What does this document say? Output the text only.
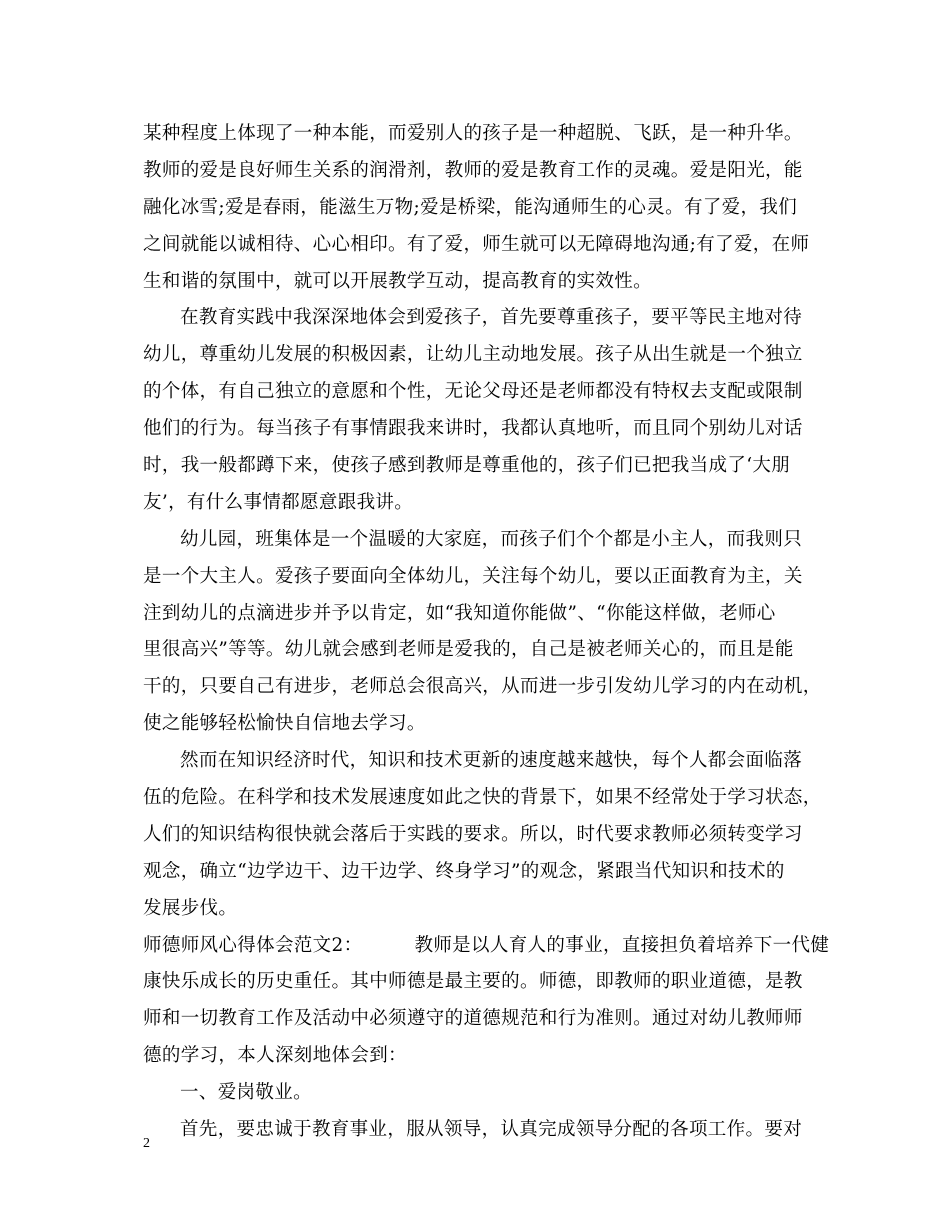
某种程度上体现了一种本能，而爱别人的孩子是一种超脱、飞跃，是一种升华。
教师的爱是良好师生关系的润滑剂，教师的爱是教育工作的灵魂。爱是阳光，能
融化冰雪;爱是春雨，能滋生万物;爱是桥梁，能沟通师生的心灵。有了爱，我们
之间就能以诚相待、心心相印。有了爱，师生就可以无障碍地沟通;有了爱，在师
生和谐的氛围中，就可以开展教学互动，提高教育的实效性。
在教育实践中我深深地体会到爱孩子，首先要尊重孩子，要平等民主地对待
幼儿，尊重幼儿发展的积极因素，让幼儿主动地发展。孩子从出生就是一个独立
的个体，有自己独立的意愿和个性，无论父母还是老师都没有特权去支配或限制
他们的行为。每当孩子有事情跟我来讲时，我都认真地听，而且同个别幼儿对话
时，我一般都蹲下来，使孩子感到教师是尊重他的，孩子们已把我当成了‘大朋
友’，有什么事情都愿意跟我讲。
幼儿园，班集体是一个温暖的大家庭，而孩子们个个都是小主人，而我则只
是一个大主人。爱孩子要面向全体幼儿，关注每个幼儿，要以正面教育为主，关
注到幼儿的点滴进步并予以肯定，如“我知道你能做”、“你能这样做，老师心
里很高兴”等等。幼儿就会感到老师是爱我的，自己是被老师关心的，而且是能
干的，只要自己有进步，老师总会很高兴，从而进一步引发幼儿学习的内在动机，
使之能够轻松愉快自信地去学习。
然而在知识经济时代，知识和技术更新的速度越来越快，每个人都会面临落
伍的危险。在科学和技术发展速度如此之快的背景下，如果不经常处于学习状态，
人们的知识结构很快就会落后于实践的要求。所以，时代要求教师必须转变学习
观念，确立“边学边干、边干边学、终身学习”的观念，紧跟当代知识和技术的
发展步伐。
师德师风心得体会范文2：	教师是以人育人的事业，直接担负着培养下一代健
康快乐成长的历史重任。其中师德是最主要的。师德，即教师的职业道德，是教
师和一切教育工作及活动中必须遵守的道德规范和行为准则。通过对幼儿教师师
德的学习，本人深刻地体会到：
一、爱岗敬业。
首先，要忠诚于教育事业，服从领导，认真完成领导分配的各项工作。要对
2
